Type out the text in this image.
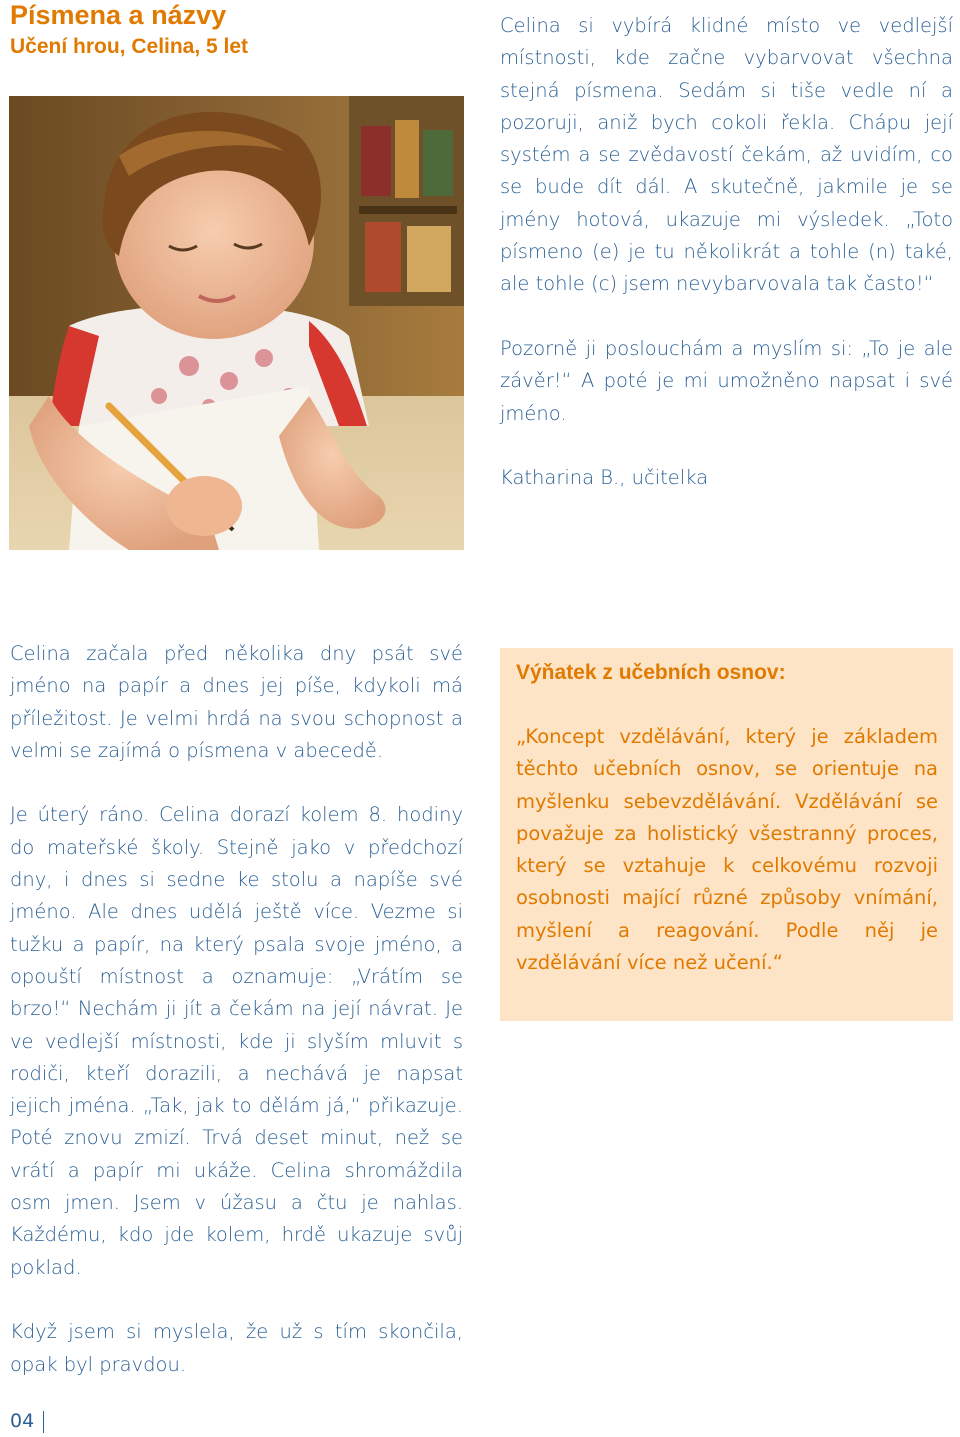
Písmena a názvy
Učení hrou, Celina, 5 let

Celina si vybírá klidné místo ve vedlejší místnosti, kde začne vybarvovat všechna stejná písmena. Sedám si tiše vedle ní a pozoruji, aniž bych cokoli řekla. Chápu její systém a se zvědavostí čekám, až uvidím, co se bude dít dál. A skutečně, jakmile je se jmény hotová, ukazuje mi výsledek. „Toto písmeno (e) je tu několikrát a tohle (n) také, ale tohle (c) jsem nevybarvovala tak často!“

Pozorně ji poslouchám a myslím si: „To je ale závěr!“ A poté je mi umožněno napsat i své jméno.

Katharina B., učitelka

Celina začala před několika dny psát své jméno na papír a dnes jej píše, kdykoli má příležitost. Je velmi hrdá na svou schopnost a velmi se zajímá o písmena v abecedě.

Je úterý ráno. Celina dorazí kolem 8. hodiny do mateřské školy. Stejně jako v předchozí dny, i dnes si sedne ke stolu a napíše své jméno. Ale dnes udělá ještě více. Vezme si tužku a papír, na který psala svoje jméno, a opouští místnost a oznamuje: „Vrátím se brzo!“ Nechám ji jít a čekám na její návrat. Je ve vedlejší místnosti, kde ji slyším mluvit s rodiči, kteří dorazili, a nechává je napsat jejich jména. „Tak, jak to dělám já,“ přikazuje. Poté znovu zmizí. Trvá deset minut, než se vrátí a papír mi ukáže. Celina shromáždila osm jmen. Jsem v úžasu a čtu je nahlas. Každému, kdo jde kolem, hrdě ukazuje svůj poklad.

Když jsem si myslela, že už s tím skončila, opak byl pravdou.

Výňatek z učebních osnov:

„Koncept vzdělávání, který je základem těchto učebních osnov, se orientuje na myšlenku sebevzdělávání. Vzdělávání se považuje za holistický všestranný proces, který se vztahuje k celkovému rozvoji osobnosti mající různé způsoby vnímání, myšlení a reagování. Podle něj je vzdělávání více než učení.“

04
